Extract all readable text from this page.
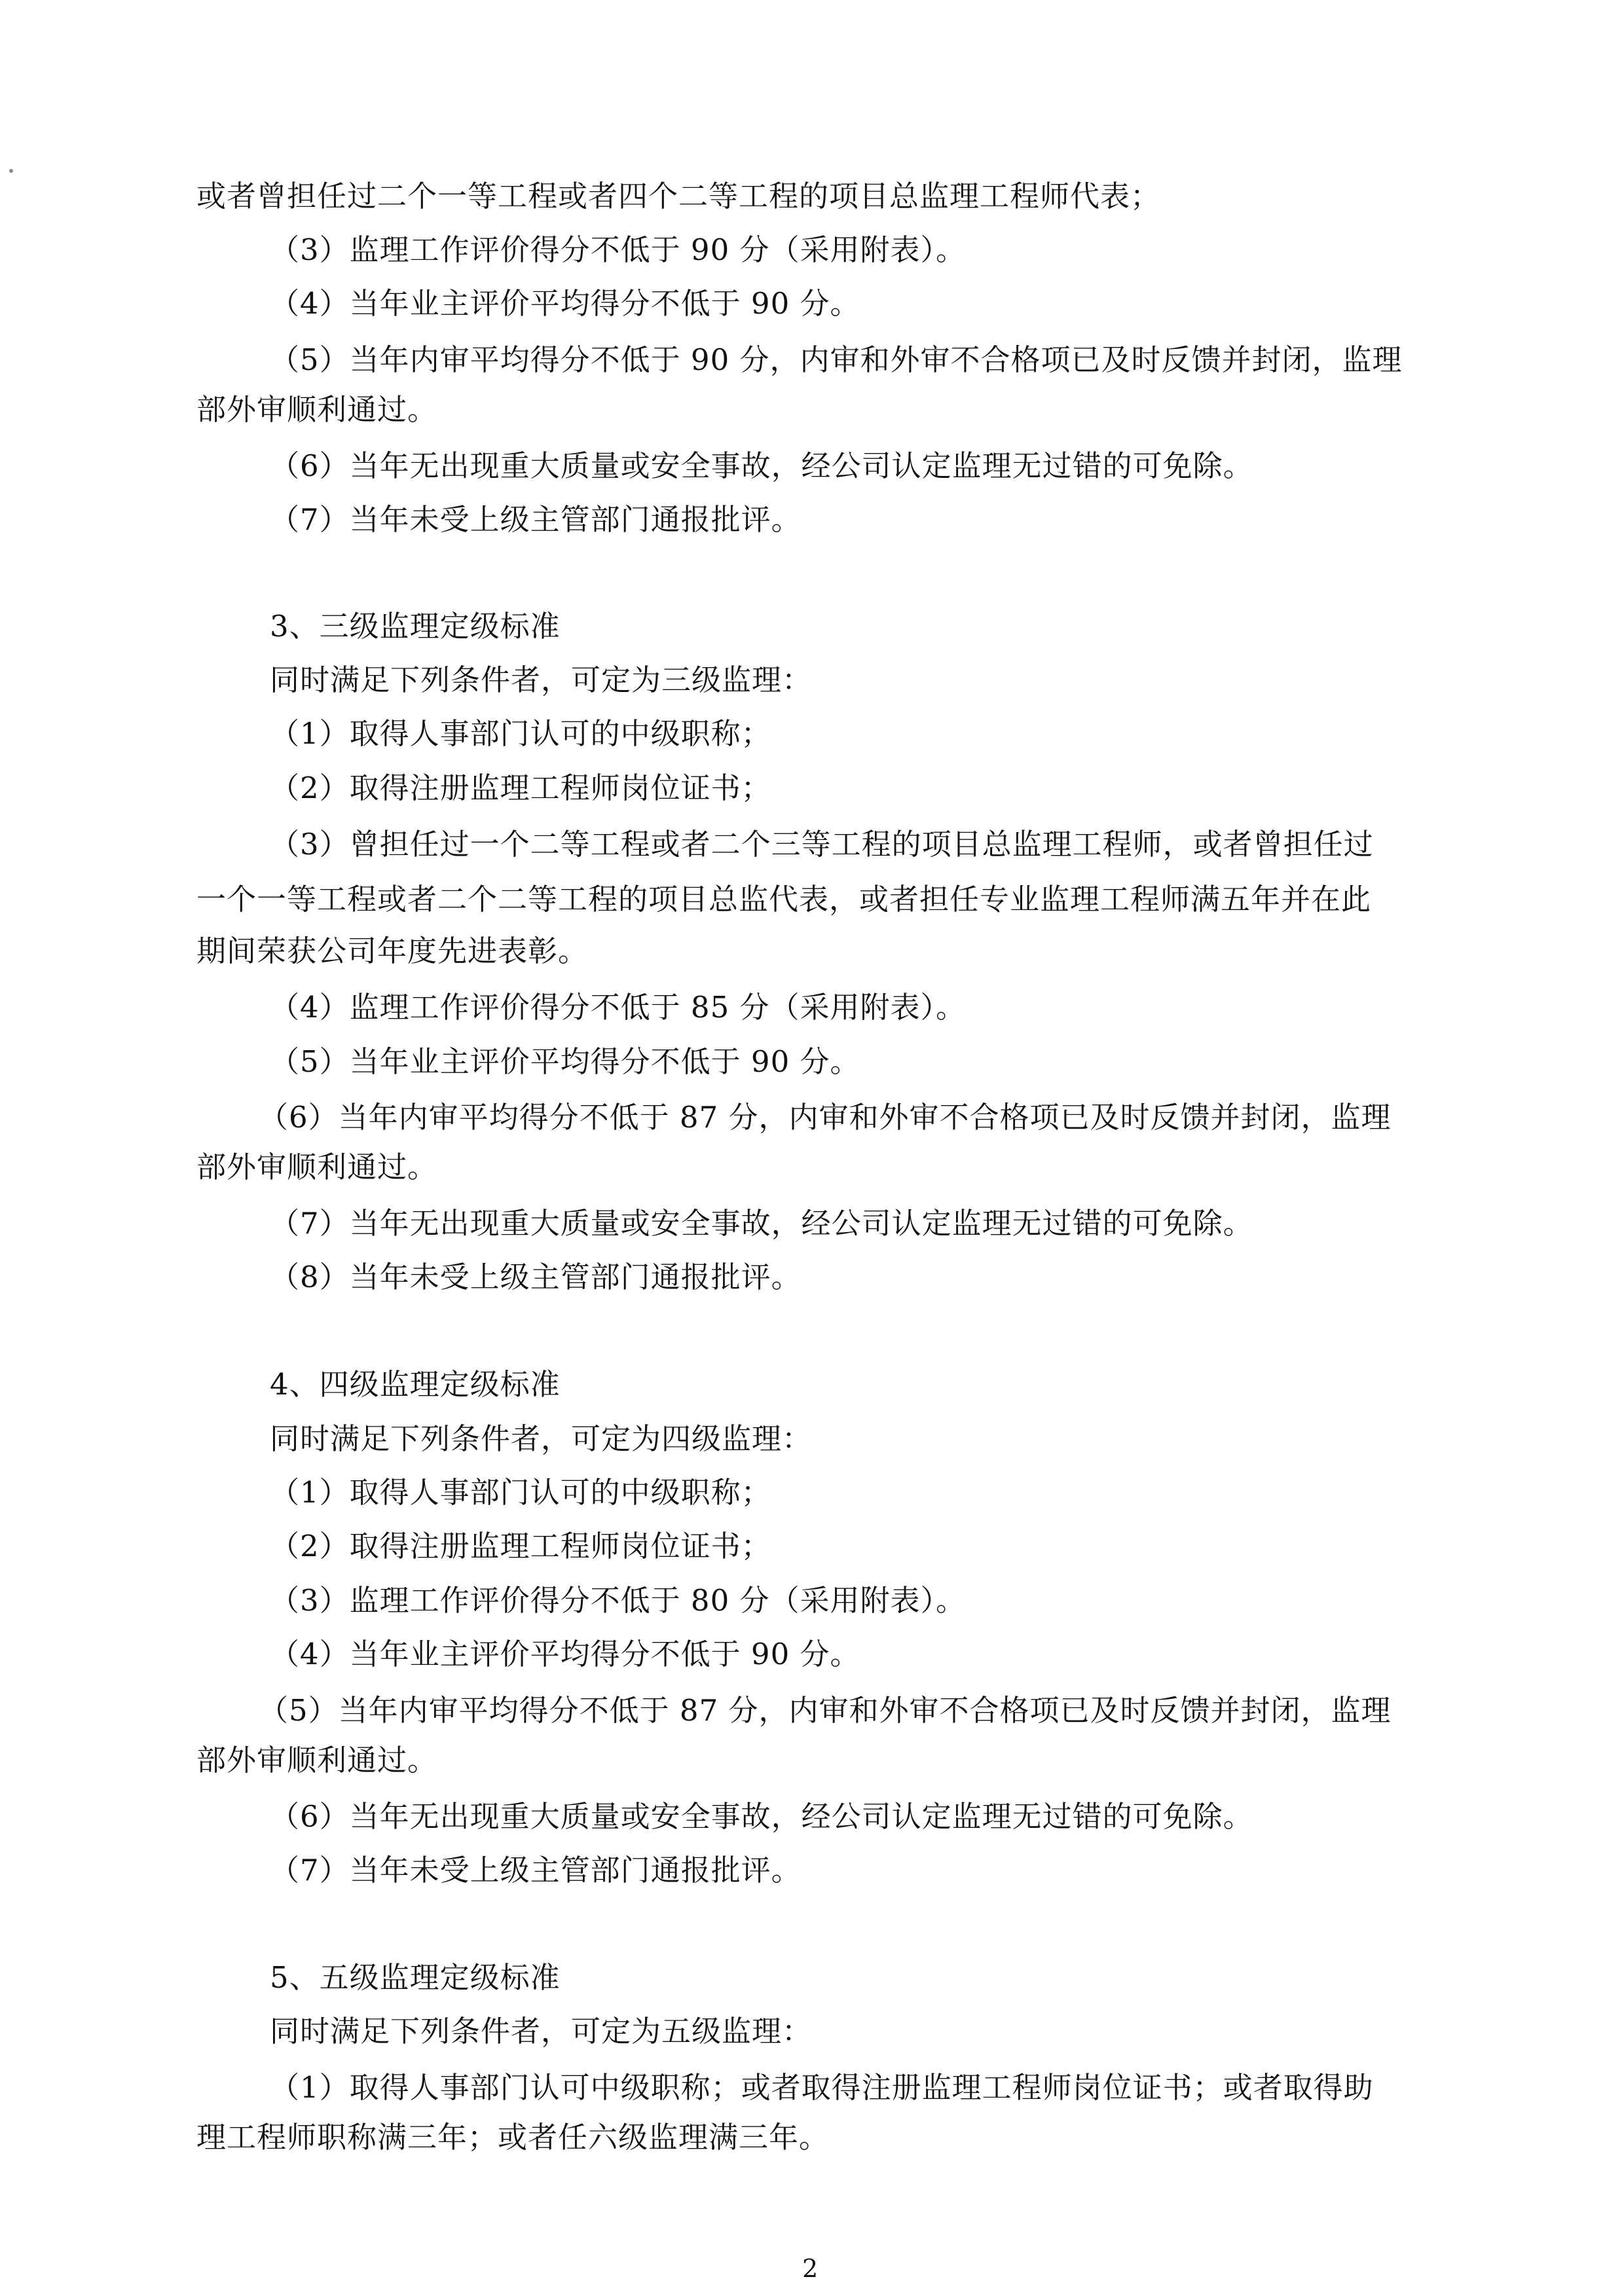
或者曾担任过二个一等工程或者四个二等工程的项目总监理工程师代表；
（3）监理工作评价得分不低于 90 分（采用附表）。
（4）当年业主评价平均得分不低于 90 分。
（5）当年内审平均得分不低于 90 分，内审和外审不合格项已及时反馈并封闭，监理
部外审顺利通过。
（6）当年无出现重大质量或安全事故，经公司认定监理无过错的可免除。
（7）当年未受上级主管部门通报批评。
3、三级监理定级标准
同时满足下列条件者，可定为三级监理：
（1）取得人事部门认可的中级职称；
（2）取得注册监理工程师岗位证书；
（3）曾担任过一个二等工程或者二个三等工程的项目总监理工程师，或者曾担任过
一个一等工程或者二个二等工程的项目总监代表，或者担任专业监理工程师满五年并在此
期间荣获公司年度先进表彰。
（4）监理工作评价得分不低于 85 分（采用附表）。
（5）当年业主评价平均得分不低于 90 分。
（6）当年内审平均得分不低于 87 分，内审和外审不合格项已及时反馈并封闭，监理
部外审顺利通过。
（7）当年无出现重大质量或安全事故，经公司认定监理无过错的可免除。
（8）当年未受上级主管部门通报批评。
4、四级监理定级标准
同时满足下列条件者，可定为四级监理：
（1）取得人事部门认可的中级职称；
（2）取得注册监理工程师岗位证书；
（3）监理工作评价得分不低于 80 分（采用附表）。
（4）当年业主评价平均得分不低于 90 分。
（5）当年内审平均得分不低于 87 分，内审和外审不合格项已及时反馈并封闭，监理
部外审顺利通过。
（6）当年无出现重大质量或安全事故，经公司认定监理无过错的可免除。
（7）当年未受上级主管部门通报批评。
5、五级监理定级标准
同时满足下列条件者，可定为五级监理：
（1）取得人事部门认可中级职称；或者取得注册监理工程师岗位证书；或者取得助
理工程师职称满三年；或者任六级监理满三年。
2
